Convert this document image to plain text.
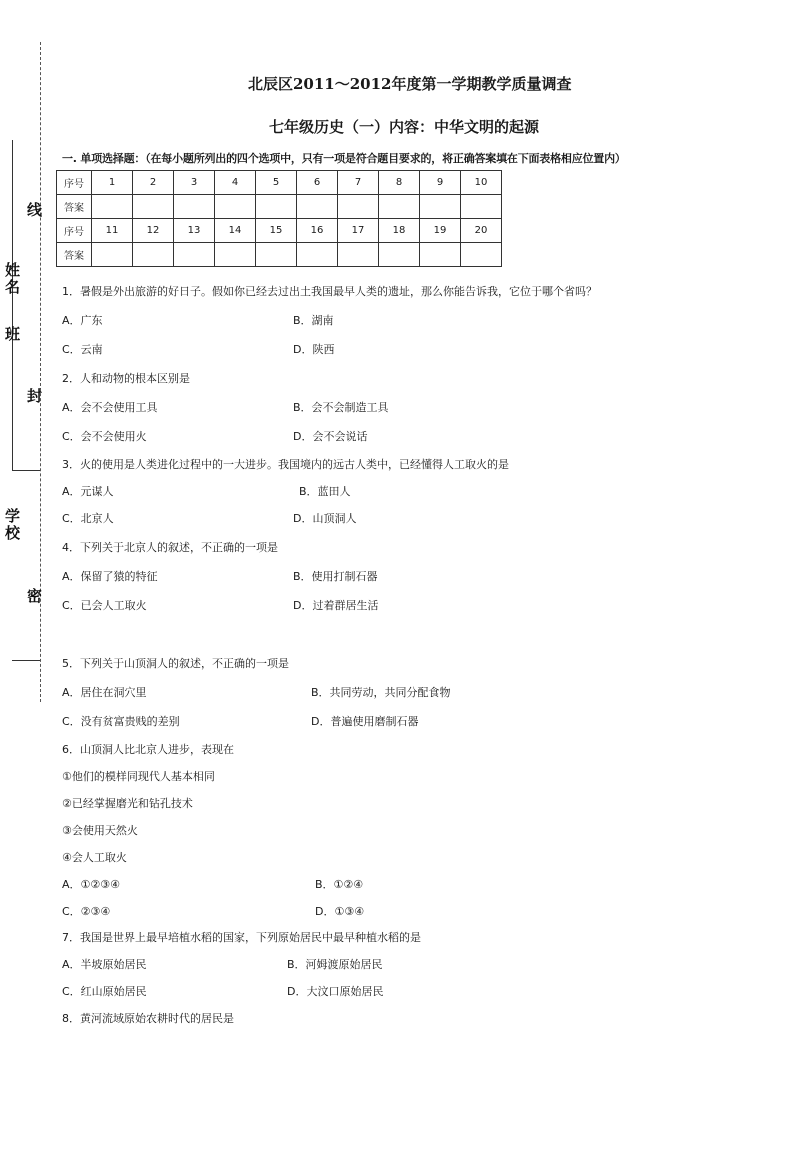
线
姓名
班
封
学校
密
北辰区2011～2012年度第一学期教学质量调查
七年级历史（一）内容：中华文明的起源
一. 单项选择题：（在每小题所列出的四个选项中，只有一项是符合题目要求的，将正确答案填在下面表格相应位置内）
序号	1	2	3	4	5	6	7	8	9	10
答案										
序号	11	12	13	14	15	16	17	18	19	20
答案										
1．暑假是外出旅游的好日子。假如你已经去过出土我国最早人类的遗址，那么你能告诉我，它位于哪个省吗？
A．广东	B．湖南
C．云南	D．陕西
2．人和动物的根本区别是
A．会不会使用工具	B．会不会制造工具
C．会不会使用火	D．会不会说话
3．火的使用是人类进化过程中的一大进步。我国境内的远古人类中，已经懂得人工取火的是
A．元谋人	B．蓝田人
C．北京人	D．山顶洞人
4．下列关于北京人的叙述，不正确的一项是
A．保留了猿的特征	B．使用打制石器
C．已会人工取火	D．过着群居生活
5．下列关于山顶洞人的叙述，不正确的一项是
A．居住在洞穴里	B．共同劳动，共同分配食物
C．没有贫富贵贱的差别	D．普遍使用磨制石器
6．山顶洞人比北京人进步，表现在
①他们的模样同现代人基本相同
②已经掌握磨光和钻孔技术
③会使用天然火
④会人工取火
A．①②③④	B．①②④
C．②③④	D．①③④
7．我国是世界上最早培植水稻的国家，下列原始居民中最早种植水稻的是
A．半坡原始居民	B．河姆渡原始居民
C．红山原始居民	D．大汶口原始居民
8．黄河流域原始农耕时代的居民是
